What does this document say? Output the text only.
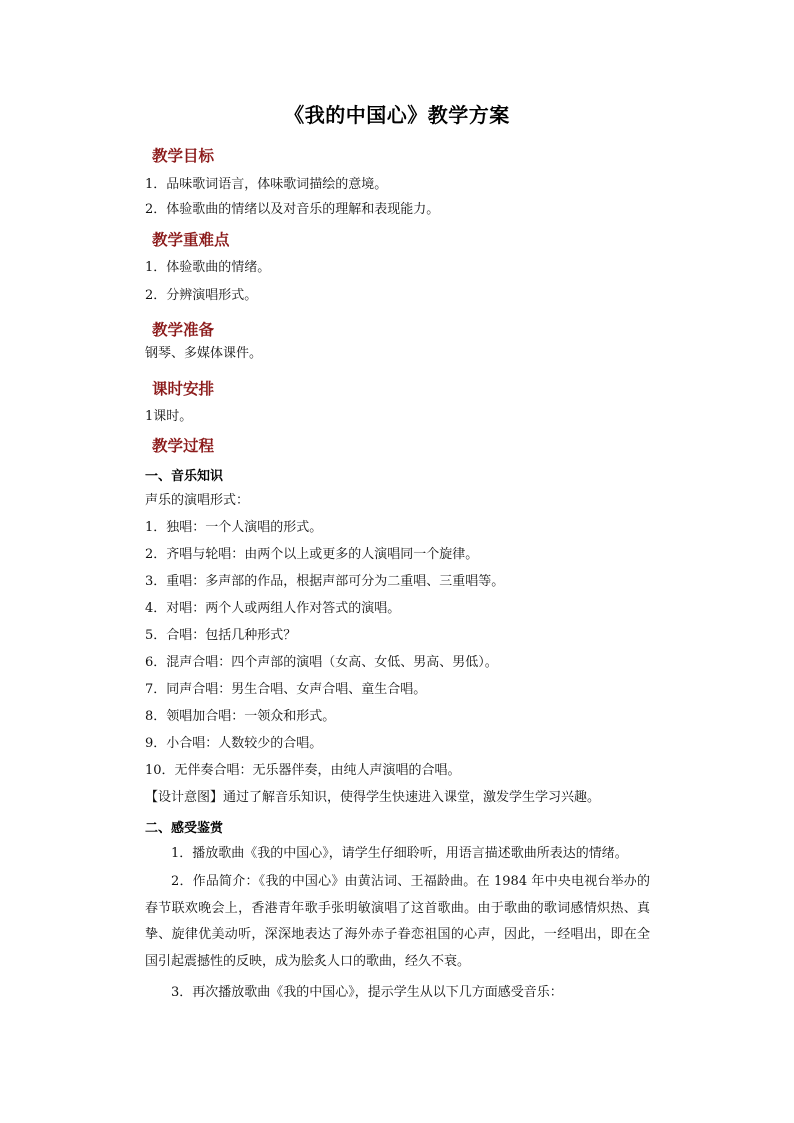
《我的中国心》教学方案
教学目标
1．品味歌词语言，体味歌词描绘的意境。
2．体验歌曲的情绪以及对音乐的理解和表现能力。
教学重难点
1．体验歌曲的情绪。
2．分辨演唱形式。
教学准备
钢琴、多媒体课件。
课时安排
1课时。
教学过程
一、音乐知识
声乐的演唱形式：
1．独唱：一个人演唱的形式。
2．齐唱与轮唱：由两个以上或更多的人演唱同一个旋律。
3．重唱：多声部的作品，根据声部可分为二重唱、三重唱等。
4．对唱：两个人或两组人作对答式的演唱。
5．合唱：包括几种形式？
6．混声合唱：四个声部的演唱（女高、女低、男高、男低）。
7．同声合唱：男生合唱、女声合唱、童生合唱。
8．领唱加合唱：一领众和形式。
9．小合唱：人数较少的合唱。
10．无伴奏合唱：无乐器伴奏，由纯人声演唱的合唱。
【设计意图】通过了解音乐知识，使得学生快速进入课堂，激发学生学习兴趣。
二、感受鉴赏
1．播放歌曲《我的中国心》，请学生仔细聆听，用语言描述歌曲所表达的情绪。
2．作品简介：《我的中国心》由黄沾词、王福龄曲。在 1984 年中央电视台举办的春节联欢晚会上，香港青年歌手张明敏演唱了这首歌曲。由于歌曲的歌词感情炽热、真挚、旋律优美动听，深深地表达了海外赤子眷恋祖国的心声，因此，一经唱出，即在全国引起震撼性的反映，成为脍炙人口的歌曲，经久不衰。
3．再次播放歌曲《我的中国心》，提示学生从以下几方面感受音乐：
